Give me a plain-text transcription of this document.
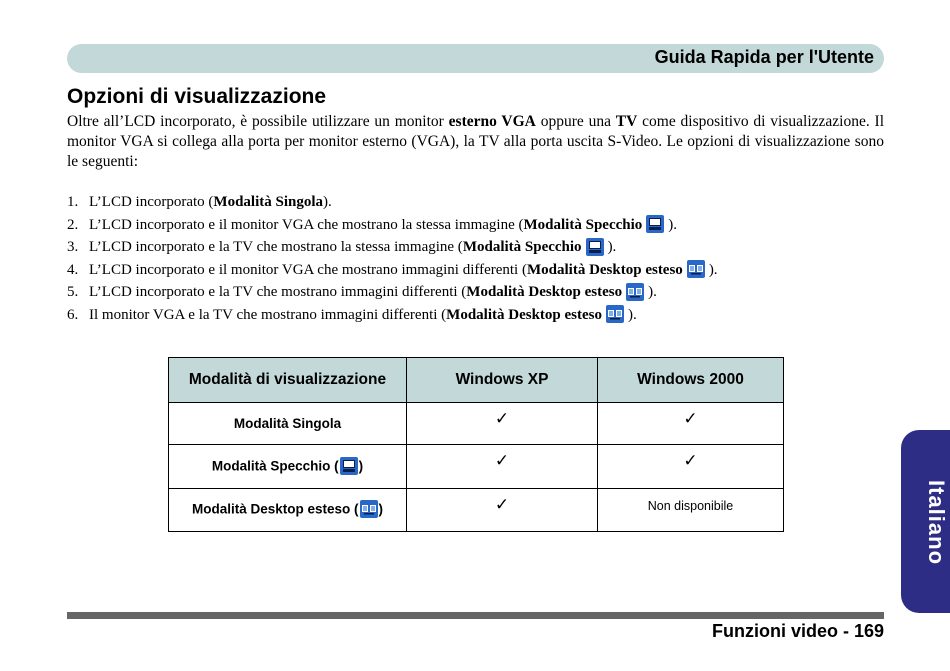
Guida Rapida per l'Utente
Opzioni di visualizzazione

Oltre all’LCD incorporato, è possibile utilizzare un monitor esterno VGA oppure una TV come dispositivo di visualizzazione. Il monitor VGA si collega alla porta per monitor esterno (VGA), la TV alla porta uscita S-Video. Le opzioni di visualizzazione sono le seguenti:

1. L’LCD incorporato (Modalità Singola).
2. L’LCD incorporato e il monitor VGA che mostrano la stessa immagine (Modalità Specchio ).
3. L’LCD incorporato e la TV che mostrano la stessa immagine (Modalità Specchio ).
4. L’LCD incorporato e il monitor VGA che mostrano immagini differenti (Modalità Desktop esteso ).
5. L’LCD incorporato e la TV che mostrano immagini differenti (Modalità Desktop esteso ).
6. Il monitor VGA e la TV che mostrano immagini differenti (Modalità Desktop esteso ).
Modalità di visualizzazione	Windows XP	Windows 2000
Modalità Singola	✓	✓
Modalità Specchio ( )	✓	✓
Modalità Desktop esteso ( )	✓	Non disponibile	Italiano
Funzioni video - 169
